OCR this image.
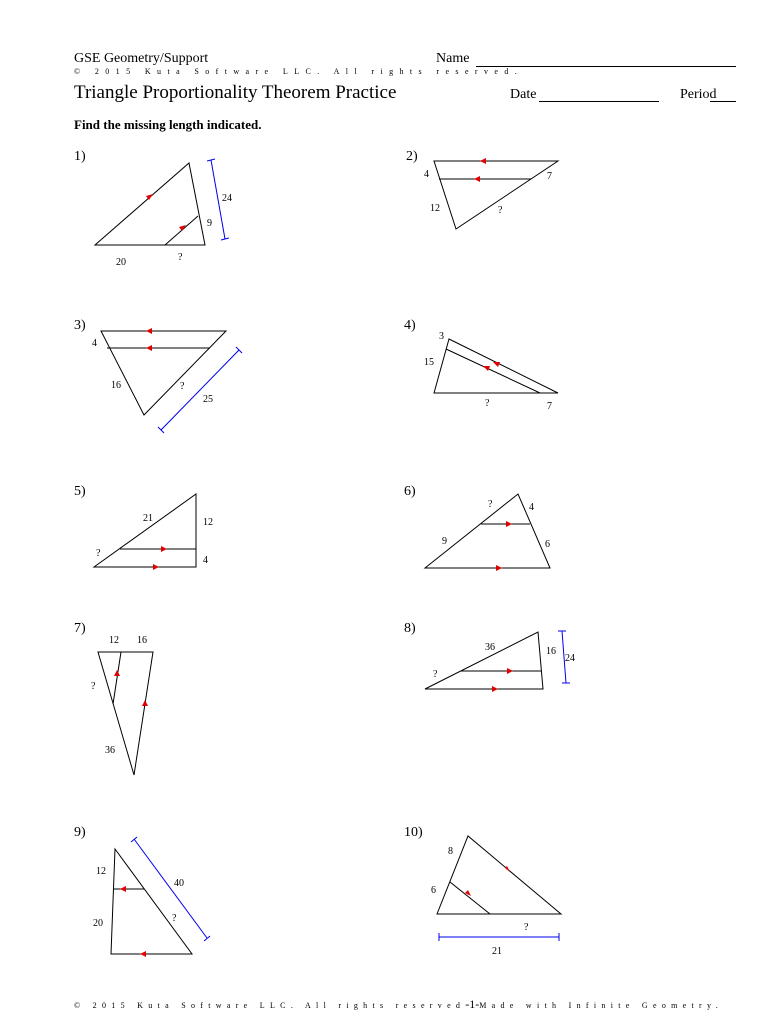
GSE Geometry/Support	Name
© 2015 Kuta Software LLC. All rights reserved.
Triangle Proportionality Theorem Practice	Date	Period
Find the missing length indicated.
1)
24
9
20	?
2)
4	7
12	?
3)
4
16	?
25
4)
3
15
?	7
5)
21	12
?
4
6)
?	4
9	6
7)
12 16
?
36
8)
36	16
24
?
9)
12
40
?
20
10)
8
6
?
21
© 2015 Kuta Software LLC. All rights reserved-1-Made with Infinite Geometry.
